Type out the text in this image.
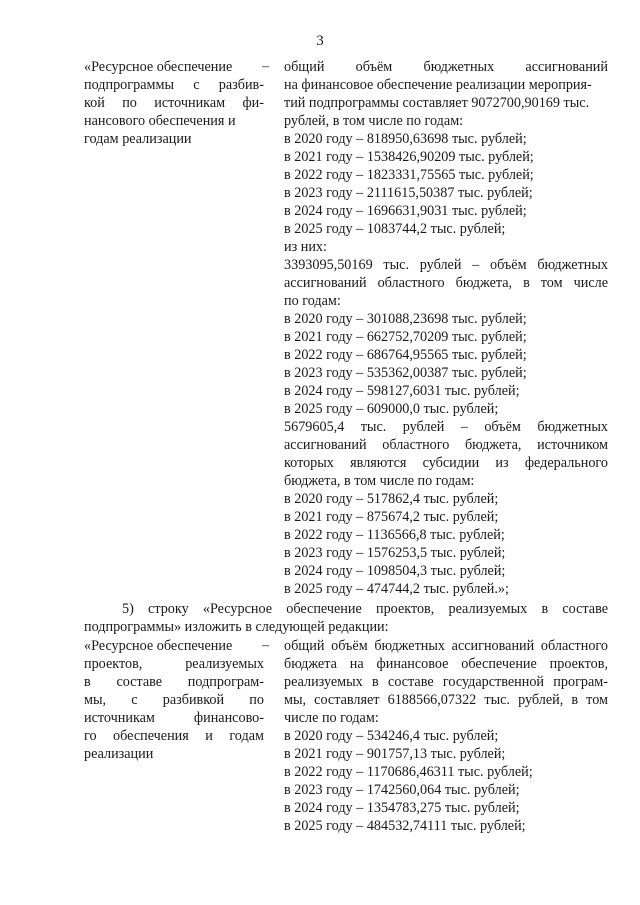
3
«Ресурсное обеспечение
подпрограммы с разбив-
кой по источникам фи-
нансового обеспечения и
годам реализации
– общий объём бюджетных ассигнований
на финансовое обеспечение реализации мероприя-
тий подпрограммы составляет 9072700,90169 тыс.
рублей, в том числе по годам:
в 2020 году – 818950,63698 тыс. рублей;
в 2021 году – 1538426,90209 тыс. рублей;
в 2022 году – 1823331,75565 тыс. рублей;
в 2023 году – 2111615,50387 тыс. рублей;
в 2024 году – 1696631,9031 тыс. рублей;
в 2025 году – 1083744,2 тыс. рублей;
из них:
3393095,50169 тыс. рублей – объём бюджетных
ассигнований областного бюджета, в том числе
по годам:
в 2020 году – 301088,23698 тыс. рублей;
в 2021 году – 662752,70209 тыс. рублей;
в 2022 году – 686764,95565 тыс. рублей;
в 2023 году – 535362,00387 тыс. рублей;
в 2024 году – 598127,6031 тыс. рублей;
в 2025 году – 609000,0 тыс. рублей;
5679605,4 тыс. рублей – объём бюджетных
ассигнований областного бюджета, источником
которых являются субсидии из федерального
бюджета, в том числе по годам:
в 2020 году – 517862,4 тыс. рублей;
в 2021 году – 875674,2 тыс. рублей;
в 2022 году – 1136566,8 тыс. рублей;
в 2023 году – 1576253,5 тыс. рублей;
в 2024 году – 1098504,3 тыс. рублей;
в 2025 году – 474744,2 тыс. рублей.»;
5) строку «Ресурсное обеспечение проектов, реализуемых в составе
подпрограммы» изложить в следующей редакции:
«Ресурсное обеспечение
проектов, реализуемых
в составе подпрограм-
мы, с разбивкой по
источникам финансово-
го обеспечения и годам
реализации
– общий объём бюджетных ассигнований областного
бюджета на финансовое обеспечение проектов,
реализуемых в составе государственной програм-
мы, составляет 6188566,07322 тыс. рублей, в том
числе по годам:
в 2020 году – 534246,4 тыс. рублей;
в 2021 году – 901757,13 тыс. рублей;
в 2022 году – 1170686,46311 тыс. рублей;
в 2023 году – 1742560,064 тыс. рублей;
в 2024 году – 1354783,275 тыс. рублей;
в 2025 году – 484532,74111 тыс. рублей;
